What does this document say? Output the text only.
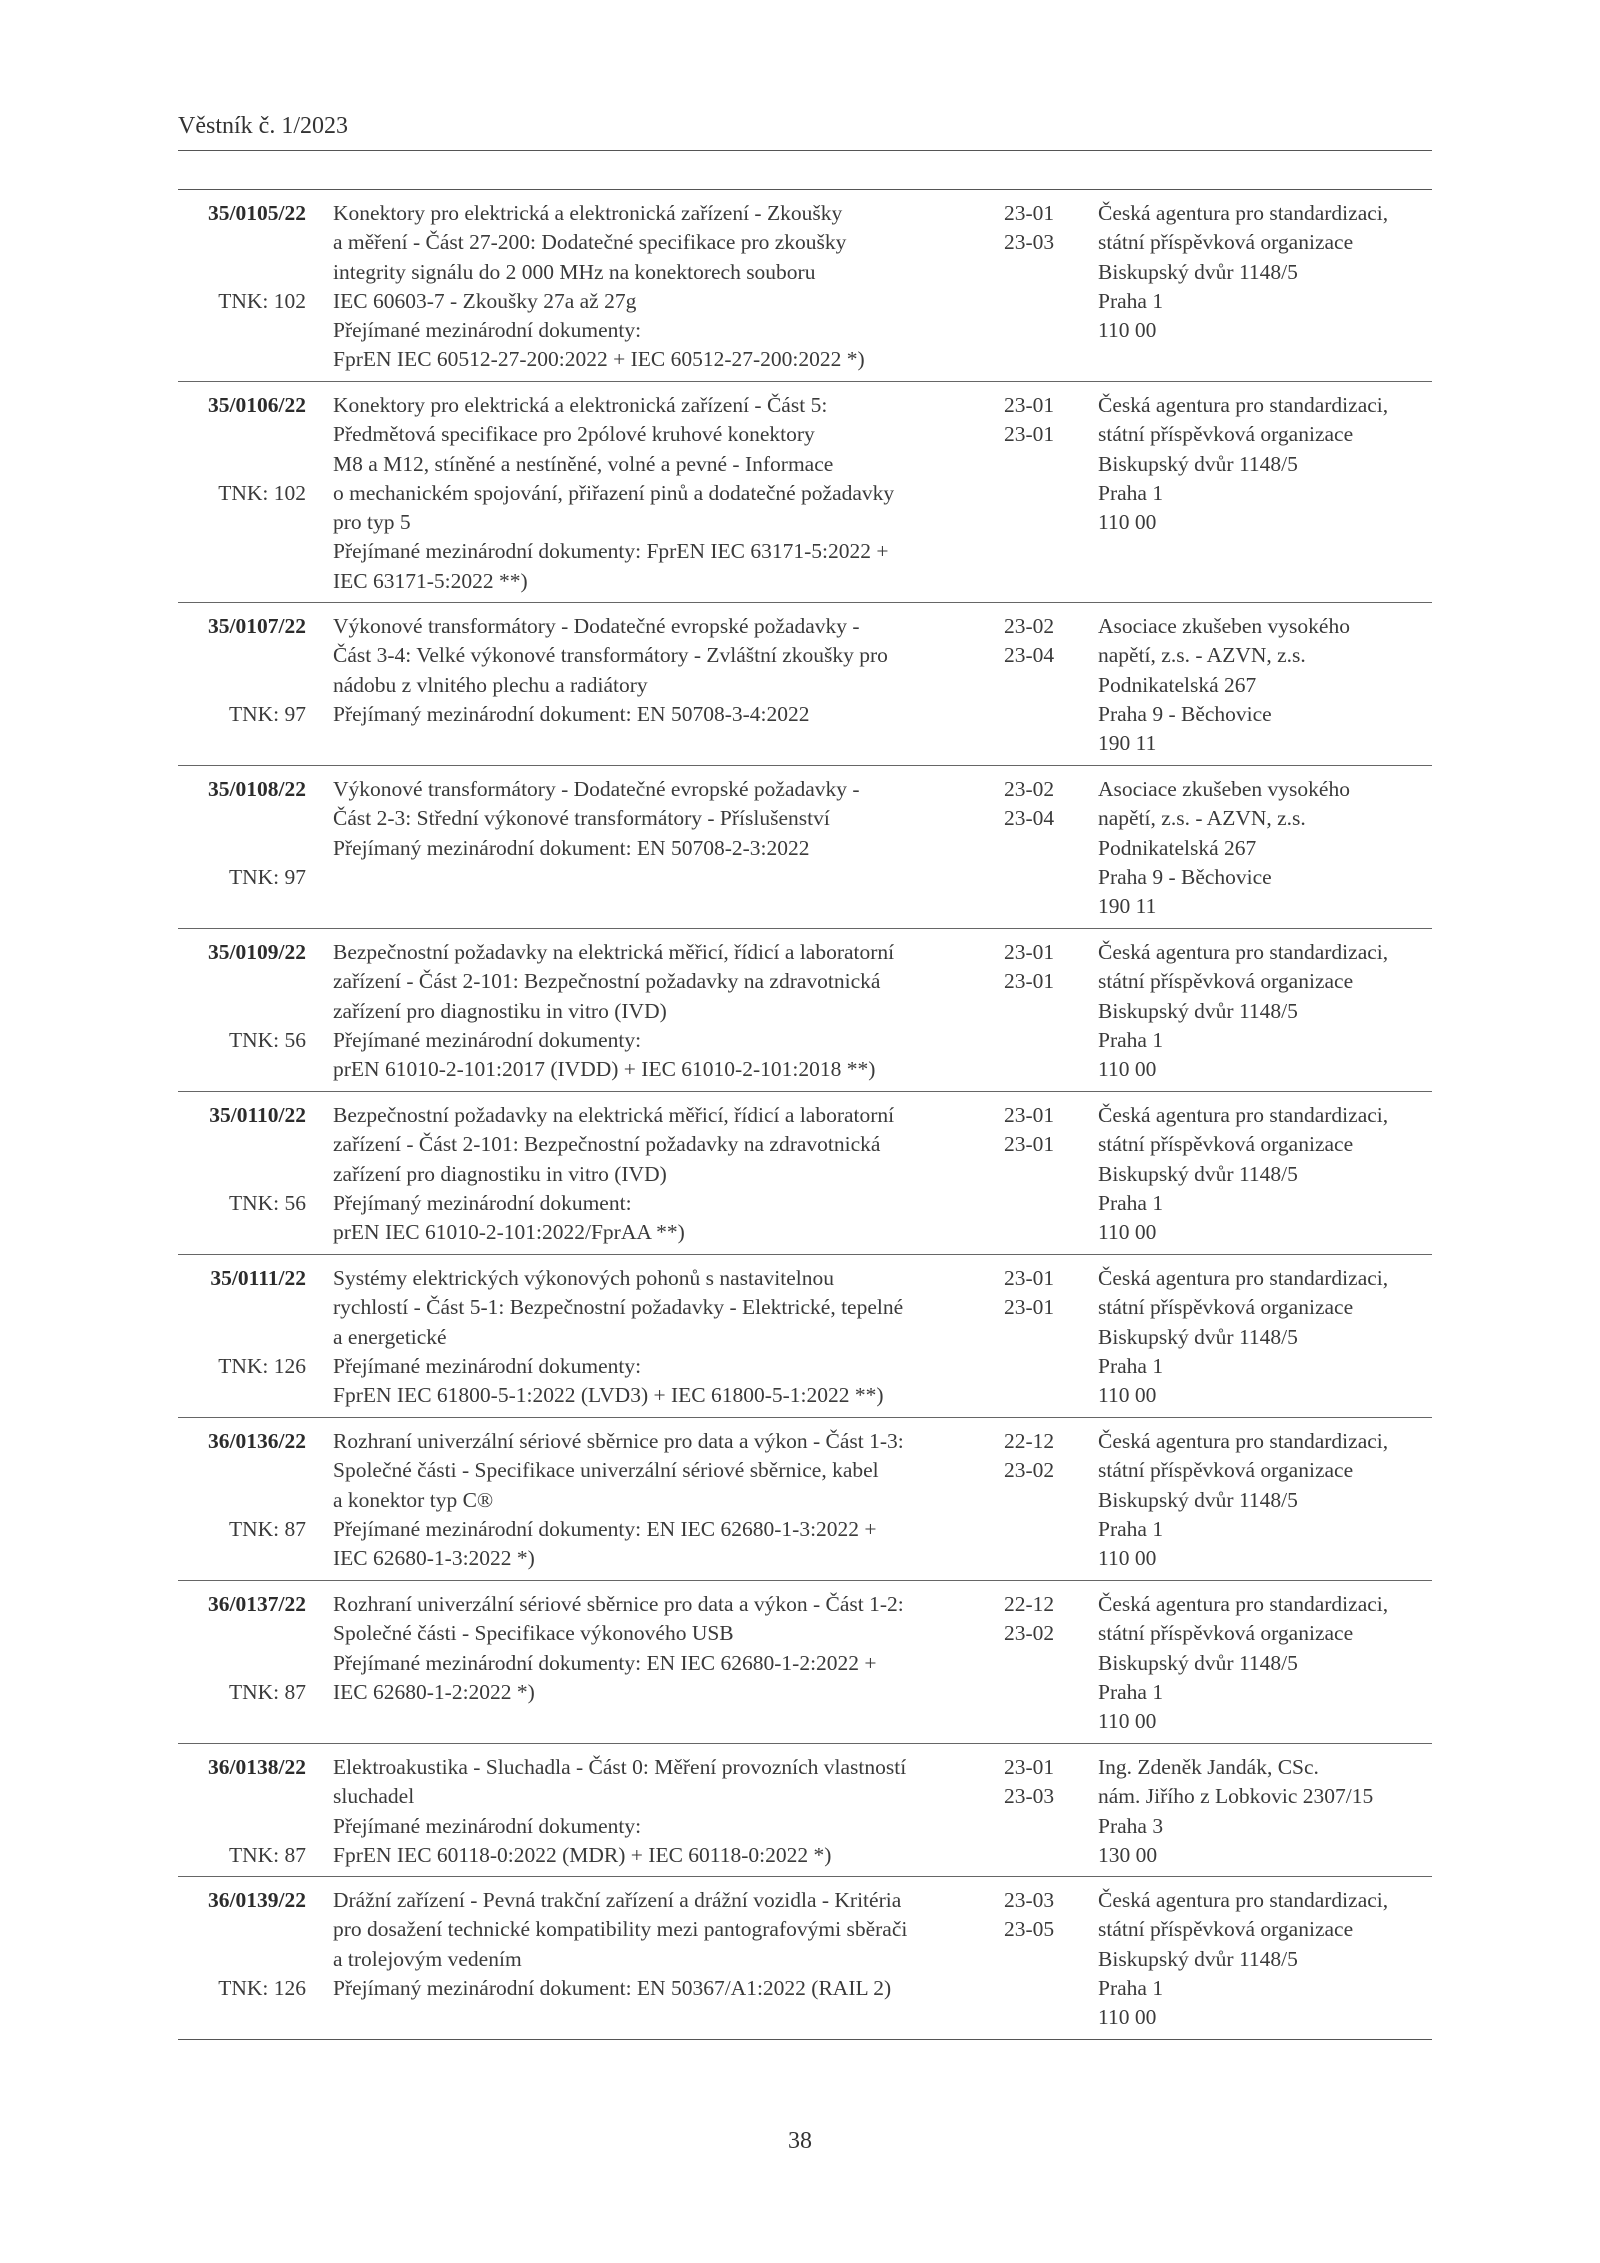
Věstník č. 1/2023
35/0105/22
TNK: 102
Konektory pro elektrická a elektronická zařízení - Zkoušky
a měření - Část 27-200: Dodatečné specifikace pro zkoušky
integrity signálu do 2 000 MHz na konektorech souboru
IEC 60603-7 - Zkoušky 27a až 27g
Přejímané mezinárodní dokumenty:
FprEN IEC 60512-27-200:2022 + IEC 60512-27-200:2022 *)
23-01
23-03
Česká agentura pro standardizaci,
státní příspěvková organizace
Biskupský dvůr 1148/5
Praha 1
110 00
35/0106/22
TNK: 102
Konektory pro elektrická a elektronická zařízení - Část 5:
Předmětová specifikace pro 2pólové kruhové konektory
M8 a M12, stíněné a nestíněné, volné a pevné - Informace
o mechanickém spojování, přiřazení pinů a dodatečné požadavky
pro typ 5
Přejímané mezinárodní dokumenty: FprEN IEC 63171-5:2022 +
IEC 63171-5:2022 **)
23-01
23-01
Česká agentura pro standardizaci,
státní příspěvková organizace
Biskupský dvůr 1148/5
Praha 1
110 00
35/0107/22
TNK: 97
Výkonové transformátory - Dodatečné evropské požadavky -
Část 3-4: Velké výkonové transformátory - Zvláštní zkoušky pro
nádobu z vlnitého plechu a radiátory
Přejímaný mezinárodní dokument: EN 50708-3-4:2022
23-02
23-04
Asociace zkušeben vysokého
napětí, z.s. - AZVN, z.s.
Podnikatelská 267
Praha 9 - Běchovice
190 11
35/0108/22
TNK: 97
Výkonové transformátory - Dodatečné evropské požadavky -
Část 2-3: Střední výkonové transformátory - Příslušenství
Přejímaný mezinárodní dokument: EN 50708-2-3:2022
23-02
23-04
Asociace zkušeben vysokého
napětí, z.s. - AZVN, z.s.
Podnikatelská 267
Praha 9 - Běchovice
190 11
35/0109/22
TNK: 56
Bezpečnostní požadavky na elektrická měřicí, řídicí a laboratorní
zařízení - Část 2-101: Bezpečnostní požadavky na zdravotnická
zařízení pro diagnostiku in vitro (IVD)
Přejímané mezinárodní dokumenty:
prEN 61010-2-101:2017 (IVDD) + IEC 61010-2-101:2018 **)
23-01
23-01
Česká agentura pro standardizaci,
státní příspěvková organizace
Biskupský dvůr 1148/5
Praha 1
110 00
35/0110/22
TNK: 56
Bezpečnostní požadavky na elektrická měřicí, řídicí a laboratorní
zařízení - Část 2-101: Bezpečnostní požadavky na zdravotnická
zařízení pro diagnostiku in vitro (IVD)
Přejímaný mezinárodní dokument:
prEN IEC 61010-2-101:2022/FprAA **)
23-01
23-01
Česká agentura pro standardizaci,
státní příspěvková organizace
Biskupský dvůr 1148/5
Praha 1
110 00
35/0111/22
TNK: 126
Systémy elektrických výkonových pohonů s nastavitelnou
rychlostí - Část 5-1: Bezpečnostní požadavky - Elektrické, tepelné
a energetické
Přejímané mezinárodní dokumenty:
FprEN IEC 61800-5-1:2022 (LVD3) + IEC 61800-5-1:2022 **)
23-01
23-01
Česká agentura pro standardizaci,
státní příspěvková organizace
Biskupský dvůr 1148/5
Praha 1
110 00
36/0136/22
TNK: 87
Rozhraní univerzální sériové sběrnice pro data a výkon - Část 1-3:
Společné části - Specifikace univerzální sériové sběrnice, kabel
a konektor typ C®
Přejímané mezinárodní dokumenty: EN IEC 62680-1-3:2022 +
IEC 62680-1-3:2022 *)
22-12
23-02
Česká agentura pro standardizaci,
státní příspěvková organizace
Biskupský dvůr 1148/5
Praha 1
110 00
36/0137/22
TNK: 87
Rozhraní univerzální sériové sběrnice pro data a výkon - Část 1-2:
Společné části - Specifikace výkonového USB
Přejímané mezinárodní dokumenty: EN IEC 62680-1-2:2022 +
IEC 62680-1-2:2022 *)
22-12
23-02
Česká agentura pro standardizaci,
státní příspěvková organizace
Biskupský dvůr 1148/5
Praha 1
110 00
36/0138/22
TNK: 87
Elektroakustika - Sluchadla - Část 0: Měření provozních vlastností
sluchadel
Přejímané mezinárodní dokumenty:
FprEN IEC 60118-0:2022 (MDR) + IEC 60118-0:2022 *)
23-01
23-03
Ing. Zdeněk Jandák, CSc.
nám. Jiřího z Lobkovic 2307/15
Praha 3
130 00
36/0139/22
TNK: 126
Drážní zařízení - Pevná trakční zařízení a drážní vozidla - Kritéria
pro dosažení technické kompatibility mezi pantografovými sběrači
a trolejovým vedením
Přejímaný mezinárodní dokument: EN 50367/A1:2022 (RAIL 2)
23-03
23-05
Česká agentura pro standardizaci,
státní příspěvková organizace
Biskupský dvůr 1148/5
Praha 1
110 00
38
